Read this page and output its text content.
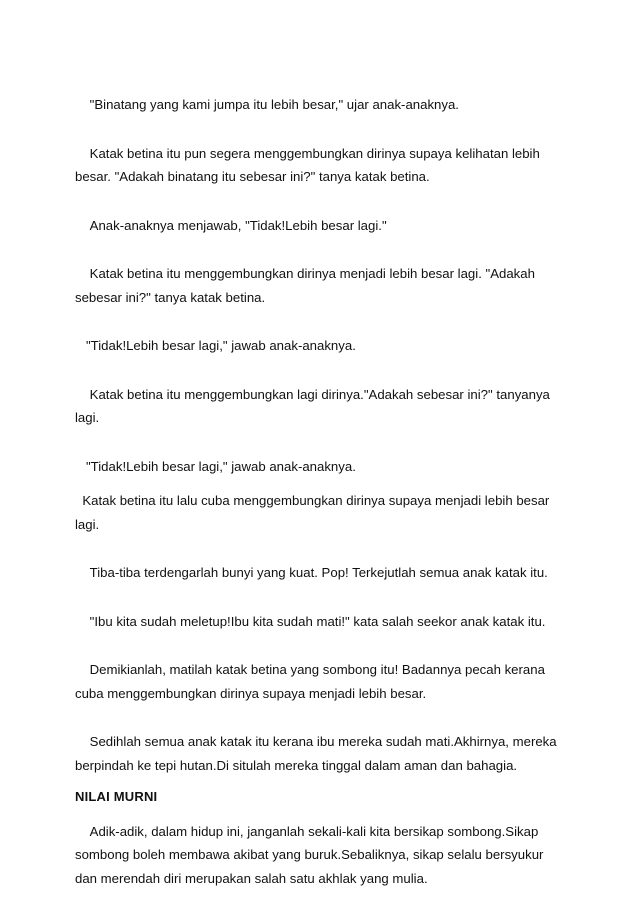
"Binatang yang kami jumpa itu lebih besar," ujar anak-anaknya.

Katak betina itu pun segera menggembungkan dirinya supaya kelihatan lebih besar. "Adakah binatang itu sebesar ini?" tanya katak betina.

Anak-anaknya menjawab, "Tidak!Lebih besar lagi."

Katak betina itu menggembungkan dirinya menjadi lebih besar lagi. "Adakah sebesar ini?" tanya katak betina.

"Tidak!Lebih besar lagi," jawab anak-anaknya.

Katak betina itu menggembungkan lagi dirinya."Adakah sebesar ini?" tanyanya lagi.

"Tidak!Lebih besar lagi," jawab anak-anaknya.

Katak betina itu lalu cuba menggembungkan dirinya supaya menjadi lebih besar lagi.

Tiba-tiba terdengarlah bunyi yang kuat. Pop! Terkejutlah semua anak katak itu.

"Ibu kita sudah meletup!Ibu kita sudah mati!" kata salah seekor anak katak itu.

Demikianlah, matilah katak betina yang sombong itu! Badannya pecah kerana cuba menggembungkan dirinya supaya menjadi lebih besar.

Sedihlah semua anak katak itu kerana ibu mereka sudah mati.Akhirnya, mereka berpindah ke tepi hutan.Di situlah mereka tinggal dalam aman dan bahagia.

NILAI MURNI

Adik-adik, dalam hidup ini, janganlah sekali-kali kita bersikap sombong.Sikap sombong boleh membawa akibat yang buruk.Sebaliknya, sikap selalu bersyukur dan merendah diri merupakan salah satu akhlak yang mulia.
